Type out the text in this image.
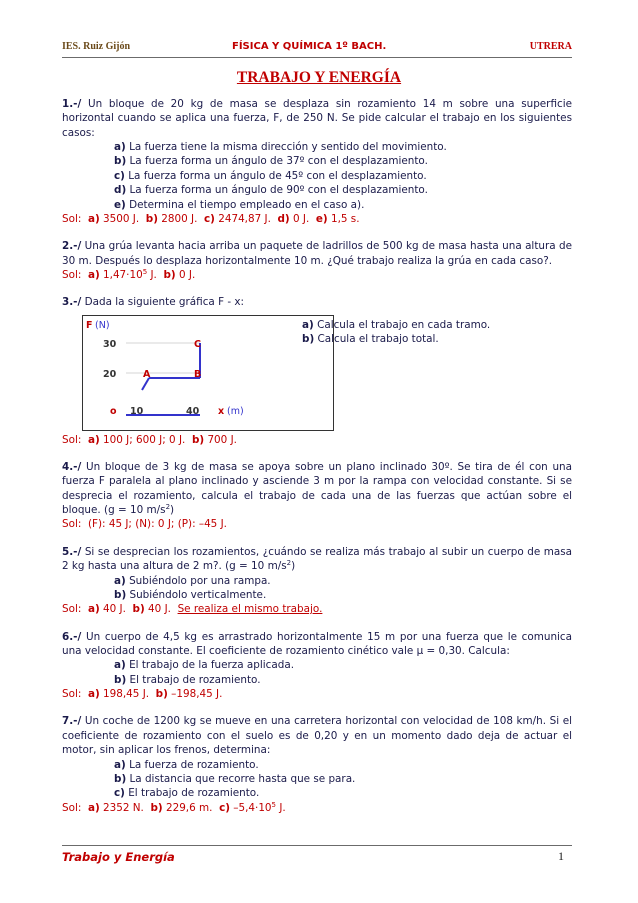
IES. Ruiz Gijón	FÍSICA Y QUÍMICA 1º BACH.	UTRERA
TRABAJO Y ENERGÍA

1.-/ Un bloque de 20 kg de masa se desplaza sin rozamiento 14 m sobre una superficie horizontal cuando se aplica una fuerza, F, de 250 N. Se pide calcular el trabajo en los siguientes casos:

a) La fuerza tiene la misma dirección y sentido del movimiento.
b) La fuerza forma un ángulo de 37º con el desplazamiento.
c) La fuerza forma un ángulo de 45º con el desplazamiento.
d) La fuerza forma un ángulo de 90º con el desplazamiento.
e) Determina el tiempo empleado en el caso a).

Sol: a) 3500 J. b) 2800 J. c) 2474,87 J. d) 0 J. e) 1,5 s.

2.-/ Una grúa levanta hacia arriba un paquete de ladrillos de 500 kg de masa hasta una altura de 30 m. Después lo desplaza horizontalmente 10 m. ¿Qué trabajo realiza la grúa en cada caso?.

Sol: a) $1,47\cdot 10^5$ J. b) 0 J.

3.-/ Dada la siguiente gráfica F - x:

F (N)
30
20
C
A	B
o 10	40 x (m)
a) Calcula el trabajo en cada tramo.
b) Calcula el trabajo total.

Sol: a) 100 J; 600 J; 0 J. b) 700 J.

4.-/ Un bloque de 3 kg de masa se apoya sobre un plano inclinado 30º. Se tira de él con una fuerza F paralela al plano inclinado y asciende 3 m por la rampa con velocidad constante. Si se desprecia el rozamiento, calcula el trabajo de cada una de las fuerzas que actúan sobre el bloque. (g = 10 $m/s^2$)

Sol: (F): 45 J; (N): 0 J; (P): –45 J.

5.-/ Si se desprecian los rozamientos, ¿cuándo se realiza más trabajo al subir un cuerpo de masa 2 kg hasta una altura de 2 m?. (g = 10 $m/s^2$)

a) Subiéndolo por una rampa.
b) Subiéndolo verticalmente.

Sol: a) 40 J. b) 40 J. Se realiza el mismo trabajo.

6.-/ Un cuerpo de 4,5 kg es arrastrado horizontalmente 15 m por una fuerza que le comunica una velocidad constante. El coeficiente de rozamiento cinético vale µ = 0,30. Calcula:

a) El trabajo de la fuerza aplicada.
b) El trabajo de rozamiento.

Sol: a) 198,45 J. b) –198,45 J.

7.-/ Un coche de 1200 kg se mueve en una carretera horizontal con velocidad de 108 km/h. Si el coeficiente de rozamiento con el suelo es de 0,20 y en un momento dado deja de actuar el motor, sin aplicar los frenos, determina:

a) La fuerza de rozamiento.
b) La distancia que recorre hasta que se para.
c) El trabajo de rozamiento.

Sol: a) 2352 N. b) 229,6 m. c) $-5,4\cdot 10^5$ J.

Trabajo y Energía	1
